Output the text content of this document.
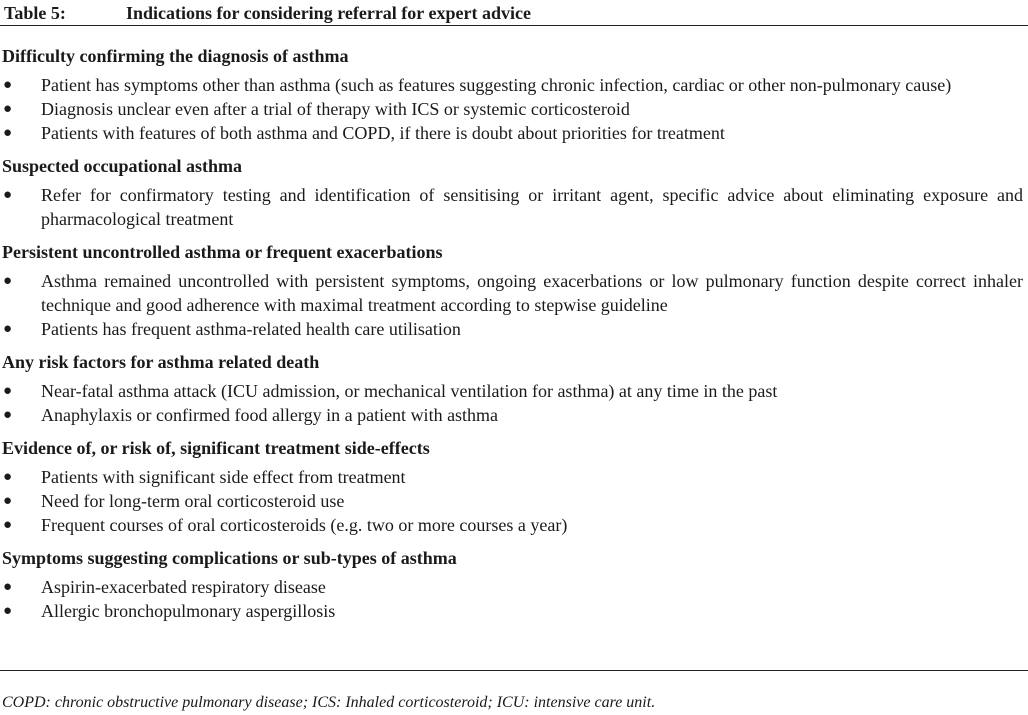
Table 5:	Indications for considering referral for expert advice
Difficulty confirming the diagnosis of asthma
● Patient has symptoms other than asthma (such as features suggesting chronic infection, cardiac or other non-pulmonary cause)
● Diagnosis unclear even after a trial of therapy with ICS or systemic corticosteroid
● Patients with features of both asthma and COPD, if there is doubt about priorities for treatment
Suspected occupational asthma
● Refer for confirmatory testing and identification of sensitising or irritant agent, specific advice about eliminating exposure and pharmacological treatment
Persistent uncontrolled asthma or frequent exacerbations
● Asthma remained uncontrolled with persistent symptoms, ongoing exacerbations or low pulmonary function despite correct inhaler technique and good adherence with maximal treatment according to stepwise guideline
● Patients has frequent asthma-related health care utilisation
Any risk factors for asthma related death
● Near-fatal asthma attack (ICU admission, or mechanical ventilation for asthma) at any time in the past
● Anaphylaxis or confirmed food allergy in a patient with asthma
Evidence of, or risk of, significant treatment side-effects
● Patients with significant side effect from treatment
● Need for long-term oral corticosteroid use
● Frequent courses of oral corticosteroids (e.g. two or more courses a year)
Symptoms suggesting complications or sub-types of asthma
● Aspirin-exacerbated respiratory disease
● Allergic bronchopulmonary aspergillosis
COPD: chronic obstructive pulmonary disease; ICS: Inhaled corticosteroid; ICU: intensive care unit.
